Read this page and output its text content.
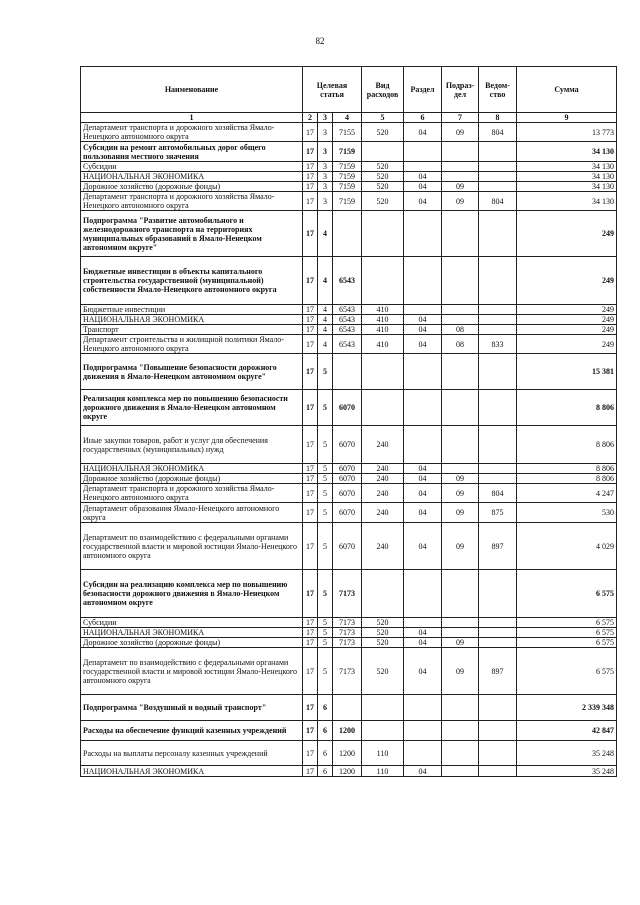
82
Наименование	Целевая статья			Вид расходов	Раздел	Подраз- дел	Ведом- ство	Сумма
1	2	3	4	5	6	7	8	9
Департамент транспорта и дорожного хозяйства Ямало-Ненецкого автономного округа	17	3	7155	520	04	09	804	13 773
Субсидии на ремонт автомобильных дорог общего пользования местного значения	17	3	7159					34 130
Субсидии	17	3	7159	520				34 130
НАЦИОНАЛЬНАЯ ЭКОНОМИКА	17	3	7159	520	04			34 130
Дорожное хозяйство (дорожные фонды)	17	3	7159	520	04	09		34 130
Департамент транспорта и дорожного хозяйства Ямало-Ненецкого автономного округа	17	3	7159	520	04	09	804	34 130
Подпрограмма "Развитие автомобильного и железнодорожного транспорта на территориях муниципальных образований в Ямало-Ненецком автономном округе"	17	4						249
Бюджетные инвестиции в объекты капитального строительства государственной (муниципальной) собственности Ямало-Ненецкого автономного округа	17	4	6543					249
Бюджетные инвестиции	17	4	6543	410				249
НАЦИОНАЛЬНАЯ ЭКОНОМИКА	17	4	6543	410	04			249
Транспорт	17	4	6543	410	04	08		249
Департамент строительства и жилищной политики Ямало-Ненецкого автономного округа	17	4	6543	410	04	08	833	249
Подпрограмма "Повышение безопасности дорожного движения в Ямало-Ненецком автономном округе"	17	5						15 381
Реализация комплекса мер по повышению безопасности дорожного движения в Ямало-Ненецком автономном округе	17	5	6070					8 806
Иные закупки товаров, работ и услуг для обеспечения государственных (муниципальных) нужд	17	5	6070	240				8 806
НАЦИОНАЛЬНАЯ ЭКОНОМИКА	17	5	6070	240	04			8 806
Дорожное хозяйство (дорожные фонды)	17	5	6070	240	04	09		8 806
Департамент транспорта и дорожного хозяйства Ямало-Ненецкого автономного округа	17	5	6070	240	04	09	804	4 247
Департамент образования Ямало-Ненецкого автономного округа	17	5	6070	240	04	09	875	530
Департамент по взаимодействию с федеральными органами государственной власти и мировой юстиции Ямало-Ненецкого автономного округа	17	5	6070	240	04	09	897	4 029
Субсидии на реализацию комплекса мер по повышению безопасности дорожного движения в Ямало-Ненецком автономном округе	17	5	7173					6 575
Субсидии	17	5	7173	520				6 575
НАЦИОНАЛЬНАЯ ЭКОНОМИКА	17	5	7173	520	04			6 575
Дорожное хозяйство (дорожные фонды)	17	5	7173	520	04	09		6 575
Департамент по взаимодействию с федеральными органами государственной власти и мировой юстиции Ямало-Ненецкого автономного округа	17	5	7173	520	04	09	897	6 575
Подпрограмма "Воздушный и водный транспорт"	17	6						2 339 348
Расходы на обеспечение функций казенных учреждений	17	6	1200					42 847
Расходы на выплаты персоналу казенных учреждений	17	6	1200	110				35 248
НАЦИОНАЛЬНАЯ ЭКОНОМИКА	17	6	1200	110	04			35 248
